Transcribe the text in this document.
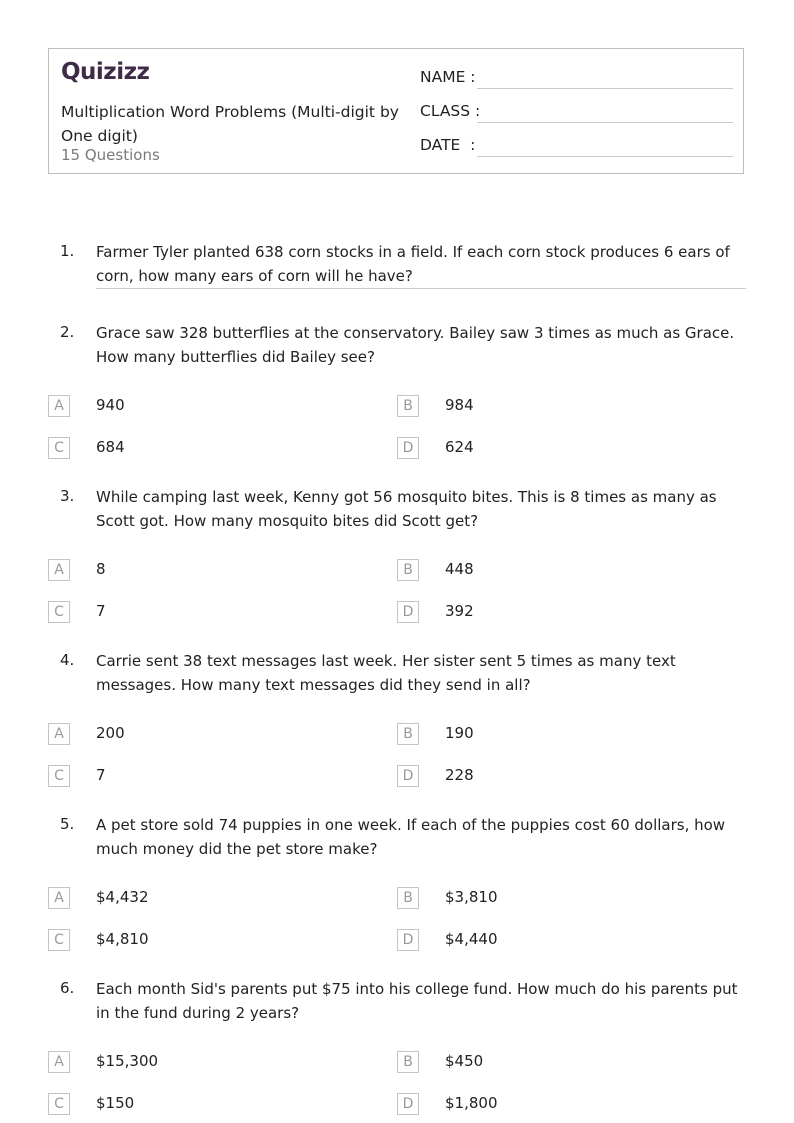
Quizizz
Multiplication Word Problems (Multi-digit by One digit)
15 Questions
NAME :
CLASS :
DATE  :
1. Farmer Tyler planted 638 corn stocks in a field. If each corn stock produces 6 ears of corn, how many ears of corn will he have?
2. Grace saw 328 butterflies at the conservatory. Bailey saw 3 times as much as Grace. How many butterflies did Bailey see?
A	940	B	984
C	684	D	624
3. While camping last week, Kenny got 56 mosquito bites. This is 8 times as many as Scott got. How many mosquito bites did Scott get?
A	8	B	448
C	7	D	392
4. Carrie sent 38 text messages last week. Her sister sent 5 times as many text messages. How many text messages did they send in all?
A	200	B	190
C	7	D	228
5. A pet store sold 74 puppies in one week. If each of the puppies cost 60 dollars, how much money did the pet store make?
A	$4,432	B	$3,810
C	$4,810	D	$4,440
6. Each month Sid's parents put $75 into his college fund. How much do his parents put in the fund during 2 years?
A	$15,300	B	$450
C	$150	D	$1,800
